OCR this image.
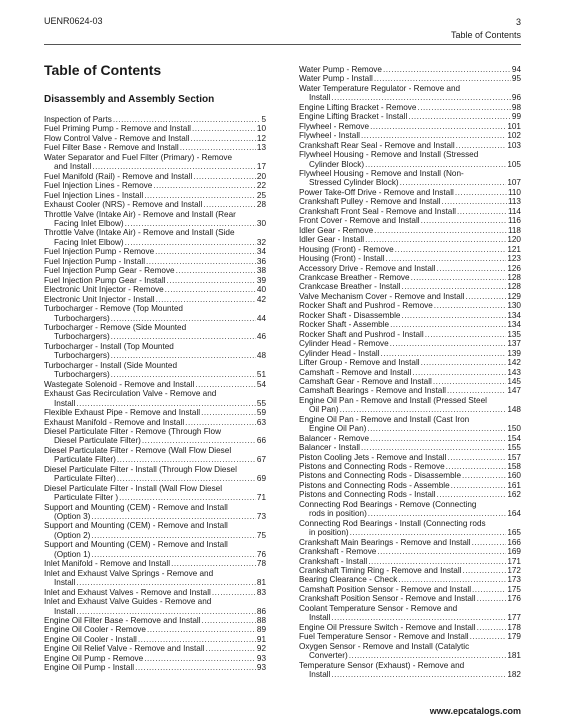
UENR0624-03	3
Table of Contents
Table of Contents
Disassembly and Assembly Section
Inspection of Parts .....	5
Fuel Priming Pump - Remove and Install .....	10
Flow Control Valve - Remove and Install .....	12
Fuel Filter Base - Remove and Install .....	13
Water Separator and Fuel Filter (Primary) - Remove
and Install .....	17
Fuel Manifold (Rail) - Remove and Install .....	20
Fuel Injection Lines - Remove .....	22
Fuel Injection Lines - Install .....	25
Exhaust Cooler (NRS) - Remove and Install .....	28
Throttle Valve (Intake Air) - Remove and Install (Rear
Facing Inlet Elbow) .....	30
Throttle Valve (Intake Air) - Remove and Install (Side
Facing Inlet Elbow) .....	32
Fuel Injection Pump - Remove .....	34
Fuel Injection Pump - Install .....	36
Fuel Injection Pump Gear - Remove .....	38
Fuel Injection Pump Gear - Install .....	39
Electronic Unit Injector - Remove .....	40
Electronic Unit Injector - Install .....	42
Turbocharger - Remove (Top Mounted
Turbochargers) .....	44
Turbocharger - Remove (Side Mounted
Turbochargers) .....	46
Turbocharger - Install (Top Mounted
Turbochargers) .....	48
Turbocharger - Install (Side Mounted
Turbochargers) .....	51
Wastegate Solenoid - Remove and Install .....	54
Exhaust Gas Recirculation Valve - Remove and
Install .....	55
Flexible Exhaust Pipe - Remove and Install .....	59
Exhaust Manifold - Remove and Install .....	63
Diesel Particulate Filter - Remove (Through Flow
Diesel Particulate Filter) .....	66
Diesel Particulate Filter - Remove (Wall Flow Diesel
Particulate Filter) .....	67
Diesel Particulate Filter - Install (Through Flow Diesel
Particulate Filter) .....	69
Diesel Particulate Filter - Install (Wall Flow Diesel
Particulate Filter ) .....	71
Support and Mounting (CEM) - Remove and Install
(Option 3) .....	73
Support and Mounting (CEM) - Remove and Install
(Option 2) .....	75
Support and Mounting (CEM) - Remove and Install
(Option 1) .....	76
Inlet Manifold - Remove and Install .....	78
Inlet and Exhaust Valve Springs - Remove and
Install .....	81
Inlet and Exhaust Valves - Remove and Install .....	83
Inlet and Exhaust Valve Guides - Remove and
Install .....	86
Engine Oil Filter Base - Remove and Install .....	88
Engine Oil Cooler - Remove .....	89
Engine Oil Cooler - Install .....	91
Engine Oil Relief Valve - Remove and Install .....	92
Engine Oil Pump - Remove .....	93
Engine Oil Pump - Install .....	93
Water Pump - Remove .....	94
Water Pump - Install .....	95
Water Temperature Regulator - Remove and
Install .....	96
Engine Lifting Bracket - Remove .....	98
Engine Lifting Bracket - Install .....	99
Flywheel - Remove .....	101
Flywheel - Install .....	102
Crankshaft Rear Seal - Remove and Install .....	103
Flywheel Housing - Remove and Install (Stressed
Cylinder Block) .....	105
Flywheel Housing - Remove and Install (Non-
Stressed Cylinder Block) .....	107
Power Take-Off Drive - Remove and Install .....	110
Crankshaft Pulley - Remove and Install .....	113
Crankshaft Front Seal - Remove and Install .....	114
Front Cover - Remove and Install .....	116
Idler Gear - Remove .....	118
Idler Gear - Install .....	120
Housing (Front) - Remove .....	121
Housing (Front) - Install .....	123
Accessory Drive - Remove and Install .....	126
Crankcase Breather - Remove .....	128
Crankcase Breather - Install .....	128
Valve Mechanism Cover - Remove and Install .....	129
Rocker Shaft and Pushrod - Remove .....	130
Rocker Shaft - Disassemble .....	134
Rocker Shaft - Assemble .....	134
Rocker Shaft and Pushrod - Install .....	135
Cylinder Head - Remove .....	137
Cylinder Head - Install .....	139
Lifter Group - Remove and Install .....	142
Camshaft - Remove and Install .....	143
Camshaft Gear - Remove and Install .....	145
Camshaft Bearings - Remove and Install .....	147
Engine Oil Pan - Remove and Install (Pressed Steel
Oil Pan) .....	148
Engine Oil Pan - Remove and Install (Cast Iron
Engine Oil Pan) .....	150
Balancer - Remove .....	154
Balancer - Install .....	155
Piston Cooling Jets - Remove and Install .....	157
Pistons and Connecting Rods - Remove .....	158
Pistons and Connecting Rods - Disassemble .....	160
Pistons and Connecting Rods - Assemble .....	161
Pistons and Connecting Rods - Install .....	162
Connecting Rod Bearings - Remove (Connecting
rods in position) .....	164
Connecting Rod Bearings - Install (Connecting rods
in position) .....	165
Crankshaft Main Bearings - Remove and Install .....	166
Crankshaft - Remove .....	169
Crankshaft - Install .....	171
Crankshaft Timing Ring - Remove and Install .....	172
Bearing Clearance - Check .....	173
Camshaft Position Sensor - Remove and Install .....	175
Crankshaft Position Sensor - Remove and Install .....	176
Coolant Temperature Sensor - Remove and
Install .....	177
Engine Oil Pressure Switch - Remove and Install .....	178
Fuel Temperature Sensor - Remove and Install .....	179
Oxygen Sensor - Remove and Install (Catalytic
Converter) .....	181
Temperature Sensor (Exhaust) - Remove and
Install .....	182
www.epcatalogs.com
